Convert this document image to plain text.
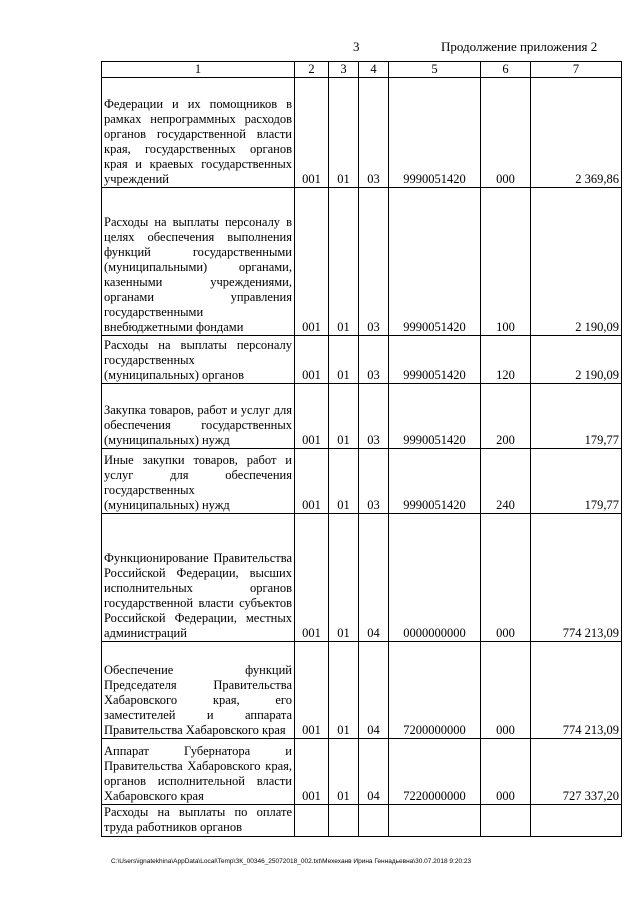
3	Продолжение приложения 2
1	2	3	4	5	6	7
Федерации и их помощников в рамках непрограммных расходов органов государственной власти края, государственных органов края и краевых государственных учреждений	001	01	03	9990051420	000	2 369,86
Расходы на выплаты персоналу в целях обеспечения выполнения функций государственными (муниципальными) органами, казенными учреждениями, органами управления государственными внебюджетными фондами	001	01	03	9990051420	100	2 190,09
Расходы на выплаты персоналу государственных (муниципальных) органов	001	01	03	9990051420	120	2 190,09
Закупка товаров, работ и услуг для обеспечения государственных (муниципальных) нужд	001	01	03	9990051420	200	179,77
Иные закупки товаров, работ и услуг для обеспечения государственных (муниципальных) нужд	001	01	03	9990051420	240	179,77
Функционирование Правительства Российской Федерации, высших исполнительных органов государственной власти субъектов Российской Федерации, местных администраций	001	01	04	0000000000	000	774 213,09
Обеспечение функций Председателя Правительства Хабаровского края, его заместителей и аппарата Правительства Хабаровского края	001	01	04	7200000000	000	774 213,09
Аппарат Губернатора и Правительства Хабаровского края, органов исполнительной власти Хабаровского края	001	01	04	7220000000	000	727 337,20
Расходы на выплаты по оплате труда работников органов						
C:\Users\ignatekhina\AppData\Local\Temp\ЗК_00346_25072018_002.txt\Мехеханв Ирина Геннадьевна\30.07.2018 9:20:23
